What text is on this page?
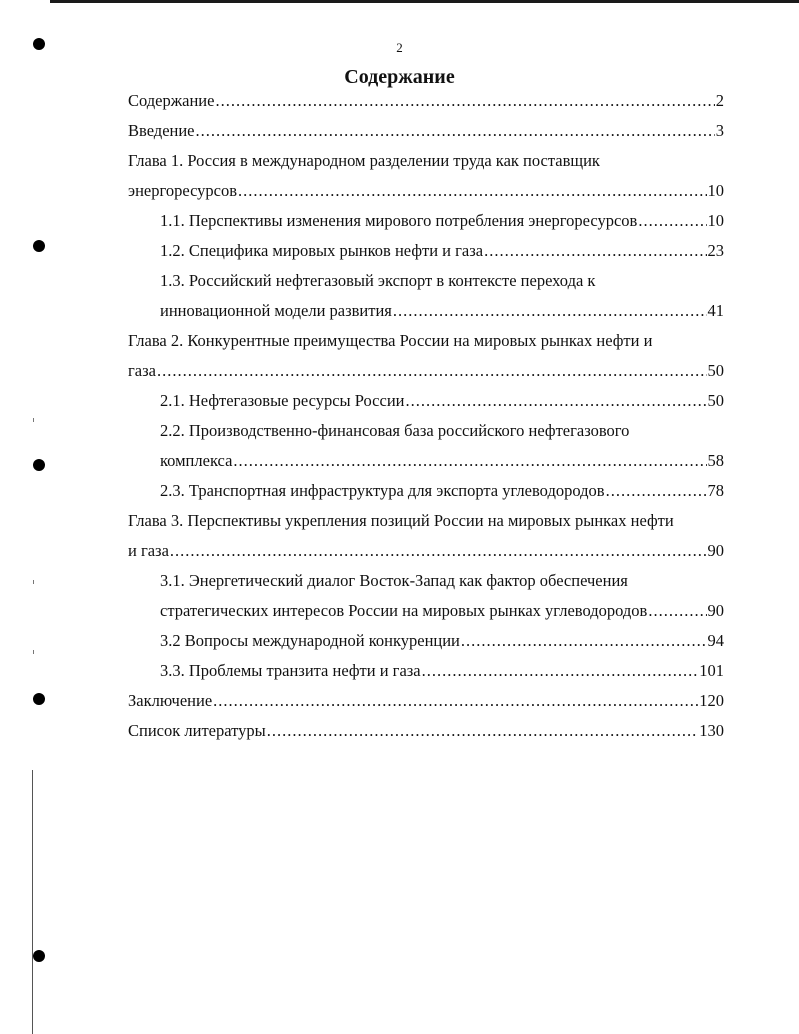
2
Содержание
Содержание .....	2
Введение .....	3
Глава 1. Россия в международном разделении труда как поставщик
энергоресурсов .....	10
1.1. Перспективы изменения мирового потребления энергоресурсов .....	10
1.2. Специфика мировых рынков нефти и газа .....	23
1.3. Российский нефтегазовый экспорт в контексте перехода к
инновационной модели развития .....	41
Глава 2. Конкурентные преимущества России на мировых рынках нефти и
газа .....	50
2.1. Нефтегазовые ресурсы России .....	50
2.2. Производственно-финансовая база российского нефтегазового
комплекса .....	58
2.3. Транспортная инфраструктура для экспорта углеводородов .....	78
Глава 3. Перспективы укрепления позиций России на мировых рынках нефти
и газа .....	90
3.1. Энергетический диалог Восток-Запад как фактор обеспечения
стратегических интересов России на мировых рынках углеводородов .....	90
3.2 Вопросы международной конкуренции .....	94
3.3. Проблемы транзита нефти и газа .....	101
Заключение .....	120
Список литературы .....	130
